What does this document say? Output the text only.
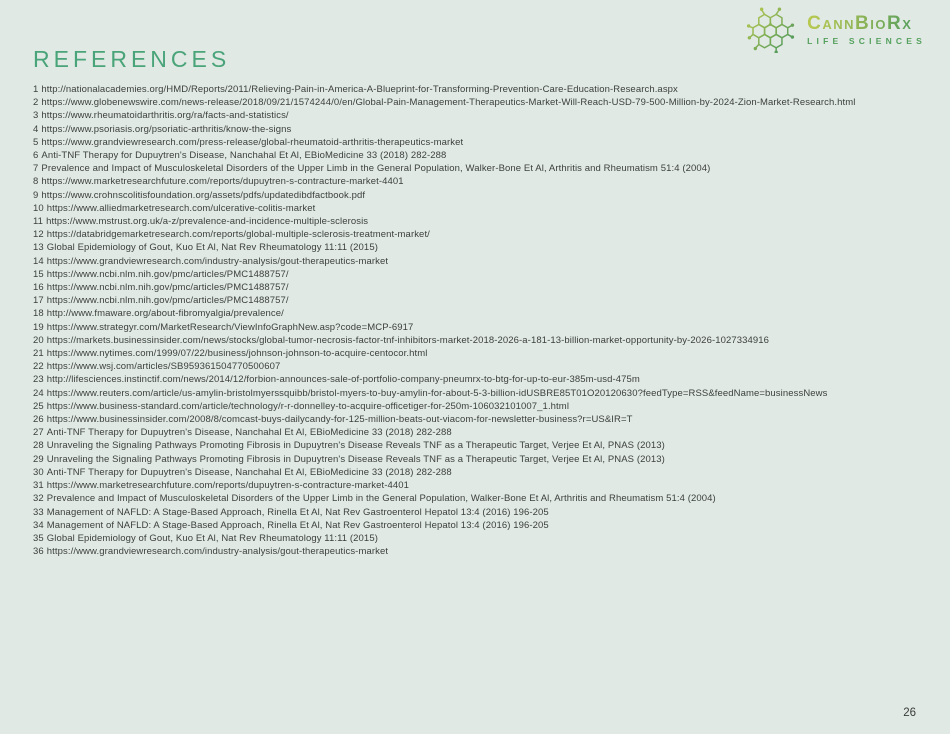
CannBioRx
LIFE SCIENCES
REFERENCES
1 http://nationalacademies.org/HMD/Reports/2011/Relieving-Pain-in-America-A-Blueprint-for-Transforming-Prevention-Care-Education-Research.aspx
2 https://www.globenewswire.com/news-release/2018/09/21/1574244/0/en/Global-Pain-Management-Therapeutics-Market-Will-Reach-USD-79-500-Million-by-2024-Zion-Market-Research.html
3 https://www.rheumatoidarthritis.org/ra/facts-and-statistics/
4 https://www.psoriasis.org/psoriatic-arthritis/know-the-signs
5 https://www.grandviewresearch.com/press-release/global-rheumatoid-arthritis-therapeutics-market
6 Anti-TNF Therapy for Dupuytren's Disease, Nanchahal Et Al, EBioMedicine 33 (2018) 282-288
7 Prevalence and Impact of Musculoskeletal Disorders of the Upper Limb in the General Population, Walker-Bone Et Al, Arthritis and Rheumatism 51:4 (2004)
8 https://www.marketresearchfuture.com/reports/dupuytren-s-contracture-market-4401
9 https://www.crohnscolitisfoundation.org/assets/pdfs/updatedibdfactbook.pdf
10 https://www.alliedmarketresearch.com/ulcerative-colitis-market
11 https://www.mstrust.org.uk/a-z/prevalence-and-incidence-multiple-sclerosis
12 https://databridgemarketresearch.com/reports/global-multiple-sclerosis-treatment-market/
13 Global Epidemiology of Gout, Kuo Et Al, Nat Rev Rheumatology 11:11 (2015)
14 https://www.grandviewresearch.com/industry-analysis/gout-therapeutics-market
15 https://www.ncbi.nlm.nih.gov/pmc/articles/PMC1488757/
16 https://www.ncbi.nlm.nih.gov/pmc/articles/PMC1488757/
17 https://www.ncbi.nlm.nih.gov/pmc/articles/PMC1488757/
18 http://www.fmaware.org/about-fibromyalgia/prevalence/
19 https://www.strategyr.com/MarketResearch/ViewInfoGraphNew.asp?code=MCP-6917
20 https://markets.businessinsider.com/news/stocks/global-tumor-necrosis-factor-tnf-inhibitors-market-2018-2026-a-181-13-billion-market-opportunity-by-2026-1027334916
21 https://www.nytimes.com/1999/07/22/business/johnson-johnson-to-acquire-centocor.html
22 https://www.wsj.com/articles/SB959361504770500607
23 http://lifesciences.instinctif.com/news/2014/12/forbion-announces-sale-of-portfolio-company-pneumrx-to-btg-for-up-to-eur-385m-usd-475m
24 https://www.reuters.com/article/us-amylin-bristolmyerssquibb/bristol-myers-to-buy-amylin-for-about-5-3-billion-idUSBRE85T01O20120630?feedType=RSS&feedName=businessNews
25 https://www.business-standard.com/article/technology/r-r-donnelley-to-acquire-officetiger-for-250m-106032101007_1.html
26 https://www.businessinsider.com/2008/8/comcast-buys-dailycandy-for-125-million-beats-out-viacom-for-newsletter-business?r=US&IR=T
27 Anti-TNF Therapy for Dupuytren's Disease, Nanchahal Et Al, EBioMedicine 33 (2018) 282-288
28 Unraveling the Signaling Pathways Promoting Fibrosis in Dupuytren's Disease Reveals TNF as a Therapeutic Target, Verjee Et Al, PNAS (2013)
29 Unraveling the Signaling Pathways Promoting Fibrosis in Dupuytren's Disease Reveals TNF as a Therapeutic Target, Verjee Et Al, PNAS (2013)
30 Anti-TNF Therapy for Dupuytren's Disease, Nanchahal Et Al, EBioMedicine 33 (2018) 282-288
31 https://www.marketresearchfuture.com/reports/dupuytren-s-contracture-market-4401
32 Prevalence and Impact of Musculoskeletal Disorders of the Upper Limb in the General Population, Walker-Bone Et Al, Arthritis and Rheumatism 51:4 (2004)
33 Management of NAFLD: A Stage-Based Approach, Rinella Et Al, Nat Rev Gastroenterol Hepatol 13:4 (2016) 196-205
34 Management of NAFLD: A Stage-Based Approach, Rinella Et Al, Nat Rev Gastroenterol Hepatol 13:4 (2016) 196-205
35 Global Epidemiology of Gout, Kuo Et Al, Nat Rev Rheumatology 11:11 (2015)
36 https://www.grandviewresearch.com/industry-analysis/gout-therapeutics-market
26
